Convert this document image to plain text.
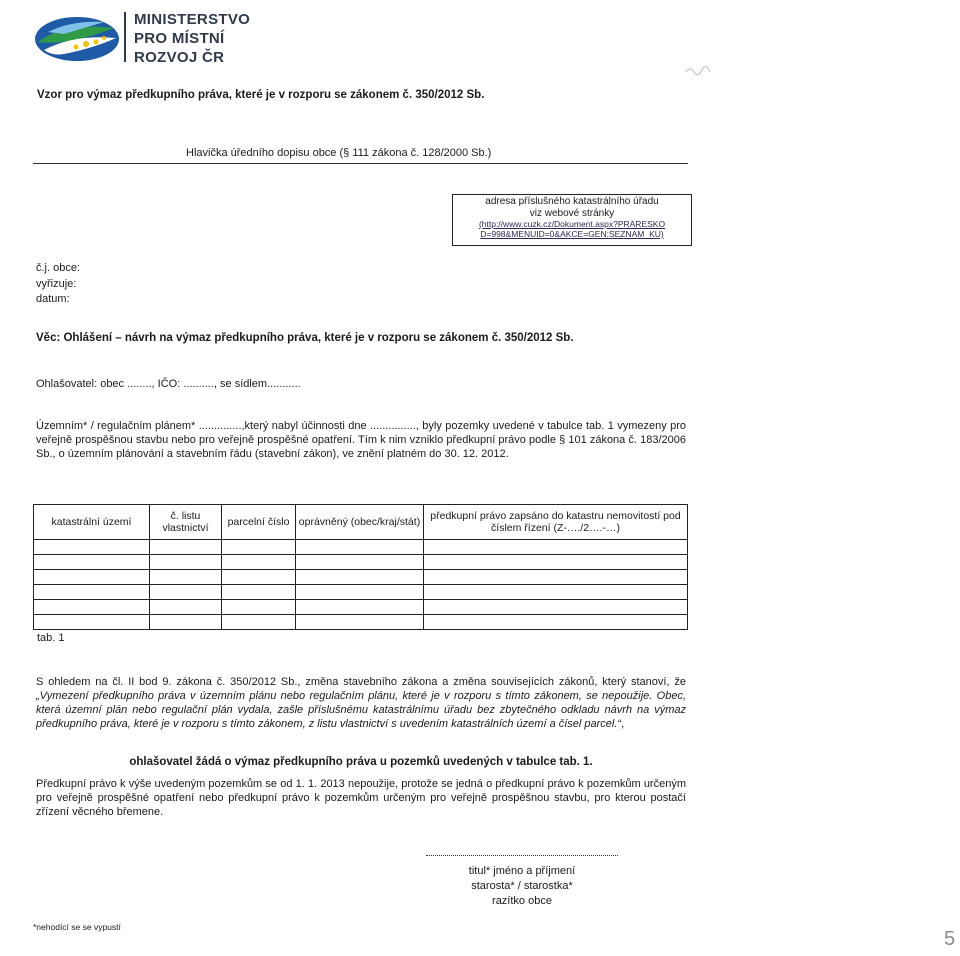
MINISTERSTVO
PRO MÍSTNÍ
ROZVOJ ČR
Vzor pro výmaz předkupního práva, které je v rozporu se zákonem č. 350/2012 Sb.
Hlavička úředního dopisu obce (§ 111 zákona č. 128/2000 Sb.)
adresa příslušného katastrálního úřadu
viz webové stránky
(http://www.cuzk.cz/Dokument.aspx?PRARESKO
D=998&MENUID=0&AKCE=GEN:SEZNAM_KU)
č.j. obce:
vyřizuje:
datum:
Věc: Ohlášení – návrh na výmaz předkupního práva, které je v rozporu se zákonem č. 350/2012 Sb.
Ohlašovatel: obec ........, IČO: .........., se sídlem...........
Územním* / regulačním plánem* ..............,který nabyl účinnosti dne ..............., byly pozemky uvedené v tabulce tab. 1 vymezeny pro veřejně prospěšnou stavbu nebo pro veřejně prospěšné opatření. Tím k nim vzniklo předkupní právo podle § 101 zákona č. 183/2006 Sb., o územním plánování a stavebním řádu (stavební zákon), ve znění platném do 30. 12. 2012.
katastrální území	č. listu vlastnictví	parcelní číslo	oprávněný (obec/kraj/stát)	předkupní právo zapsáno do katastru nemovitostí pod číslem řízení (Z-…./2….-…)

tab. 1
S ohledem na čl. II bod 9. zákona č. 350/2012 Sb., změna stavebního zákona a změna souvisejících zákonů, který stanoví, že „Vymezení předkupního práva v územním plánu nebo regulačním plánu, které je v rozporu s tímto zákonem, se nepoužije. Obec, která územní plán nebo regulační plán vydala, zašle příslušnému katastrálnímu úřadu bez zbytečného odkladu návrh na výmaz předkupního práva, které je v rozporu s tímto zákonem, z listu vlastnictví s uvedením katastrálních území a čísel parcel.“,
ohlašovatel žádá o výmaz předkupního práva u pozemků uvedených v tabulce tab. 1.
Předkupní právo k výše uvedeným pozemkům se od 1. 1. 2013 nepoužije, protože se jedná o předkupní právo k pozemkům určeným pro veřejně prospěšné opatření nebo předkupní právo k pozemkům určeným pro veřejně prospěšnou stavbu, pro kterou postačí zřízení věcného břemene.
titul* jméno a příjmení
starosta* / starostka*
razítko obce
*nehodící se se vypustí
5
